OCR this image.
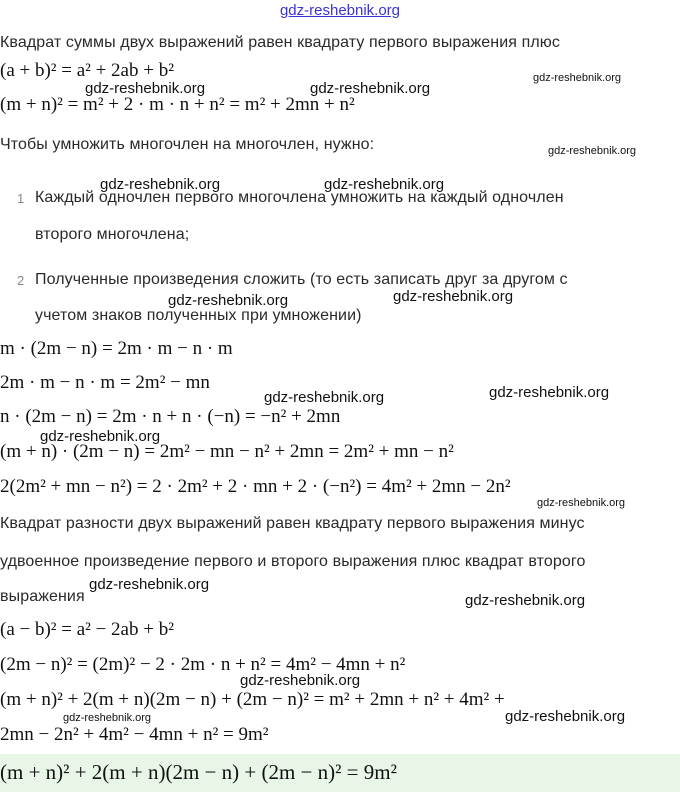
gdz-reshebnik.org
Квадрат суммы двух выражений равен квадрату первого выражения плюс
(a + b)² = a² + 2ab + b²
(m + n)² = m² + 2 · m · n + n² = m² + 2mn + n²
Чтобы умножить многочлен на многочлен, нужно:
1 Каждый одночлен первого многочлена умножить на каждый одночлен
второго многочлена;
2 Полученные произведения сложить (то есть записать друг за другом с
учетом знаков полученных при умножении)
m · (2m − n) = 2m · m − n · m
2m · m − n · m = 2m² − mn
n · (2m − n) = 2m · n + n · (−n) = −n² + 2mn
(m + n) · (2m − n) = 2m² − mn − n² + 2mn = 2m² + mn − n²
2(2m² + mn − n²) = 2 · 2m² + 2 · mn + 2 · (−n²) = 4m² + 2mn − 2n²
Квадрат разности двух выражений равен квадрату первого выражения минус
удвоенное произведение первого и второго выражения плюс квадрат второго
выражения
(a − b)² = a² − 2ab + b²
(2m − n)² = (2m)² − 2 · 2m · n + n² = 4m² − 4mn + n²
(m + n)² + 2(m + n)(2m − n) + (2m − n)² = m² + 2mn + n² + 4m² +
2mn − 2n² + 4m² − 4mn + n² = 9m²
(m + n)² + 2(m + n)(2m − n) + (2m − n)² = 9m²
gdz-reshebnik.org	gdz-reshebnik.org
gdz-reshebnik.org
gdz-reshebnik.org
gdz-reshebnik.org	gdz-reshebnik.org
gdz-reshebnik.org	gdz-reshebnik.org
gdz-reshebnik.org	gdz-reshebnik.org
gdz-reshebnik.org
gdz-reshebnik.org
gdz-reshebnik.org
gdz-reshebnik.org
gdz-reshebnik.org
gdz-reshebnik.org	gdz-reshebnik.org
